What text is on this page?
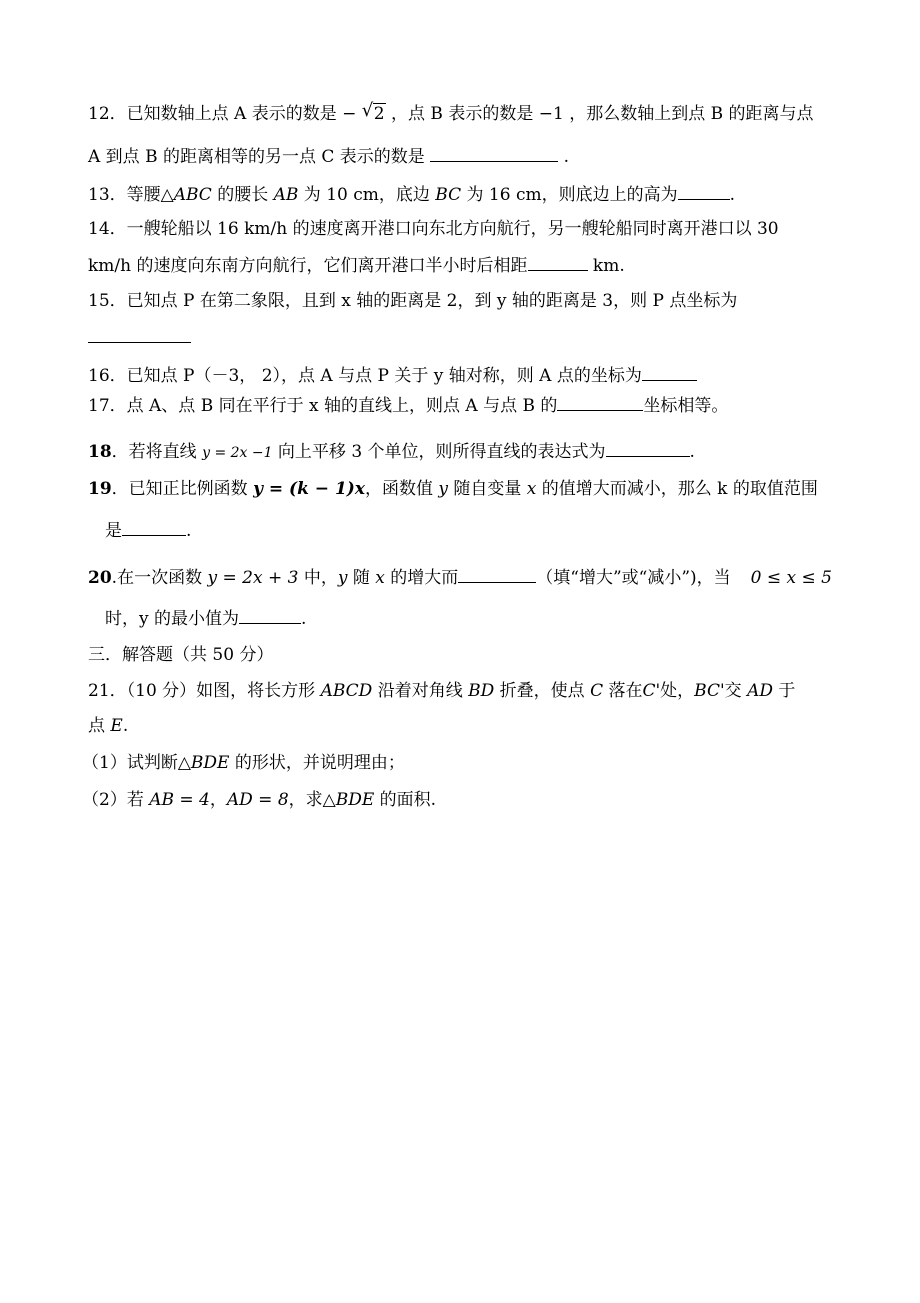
12．已知数轴上点 A 表示的数是 − √ 2 ，点 B 表示的数是 −1 ，那么数轴上到点 B 的距离与点
A 到点 B 的距离相等的另一点 C 表示的数是	.
13．等腰△ABC 的腰长 AB 为 10 cm，底边 BC 为 16 cm，则底边上的高为	.
14．一艘轮船以 16 km/h 的速度离开港口向东北方向航行，另一艘轮船同时离开港口以 30
km/h 的速度向东南方向航行，它们离开港口半小时后相距	km.
15．已知点 P 在第二象限，且到 x 轴的距离是 2，到 y 轴的距离是 3，则 P 点坐标为
16．已知点 P（－3， 2），点 A 与点 P 关于 y 轴对称，则 A 点的坐标为
17．点 A、点 B 同在平行于 x 轴的直线上，则点 A 与点 B 的	坐标相等。
18．若将直线 y = 2x −1 向上平移 3 个单位，则所得直线的表达式为	.
19．已知正比例函数 y = (k − 1)x，函数值 y 随自变量 x 的值增大而减小，那么 k 的取值范围
是	.
20.在一次函数 y = 2x + 3 中，y 随 x 的增大而	（填“增大”或“减小”)，当 0 ≤ x ≤ 5
时，y 的最小值为	.
三．解答题（共 50 分）
21．（10 分）如图，将长方形 ABCD 沿着对角线 BD 折叠，使点 C 落在C'处，BC'交 AD 于
点 E.
（1）试判断△BDE 的形状，并说明理由；
（2）若 AB = 4，AD = 8，求△BDE 的面积.
